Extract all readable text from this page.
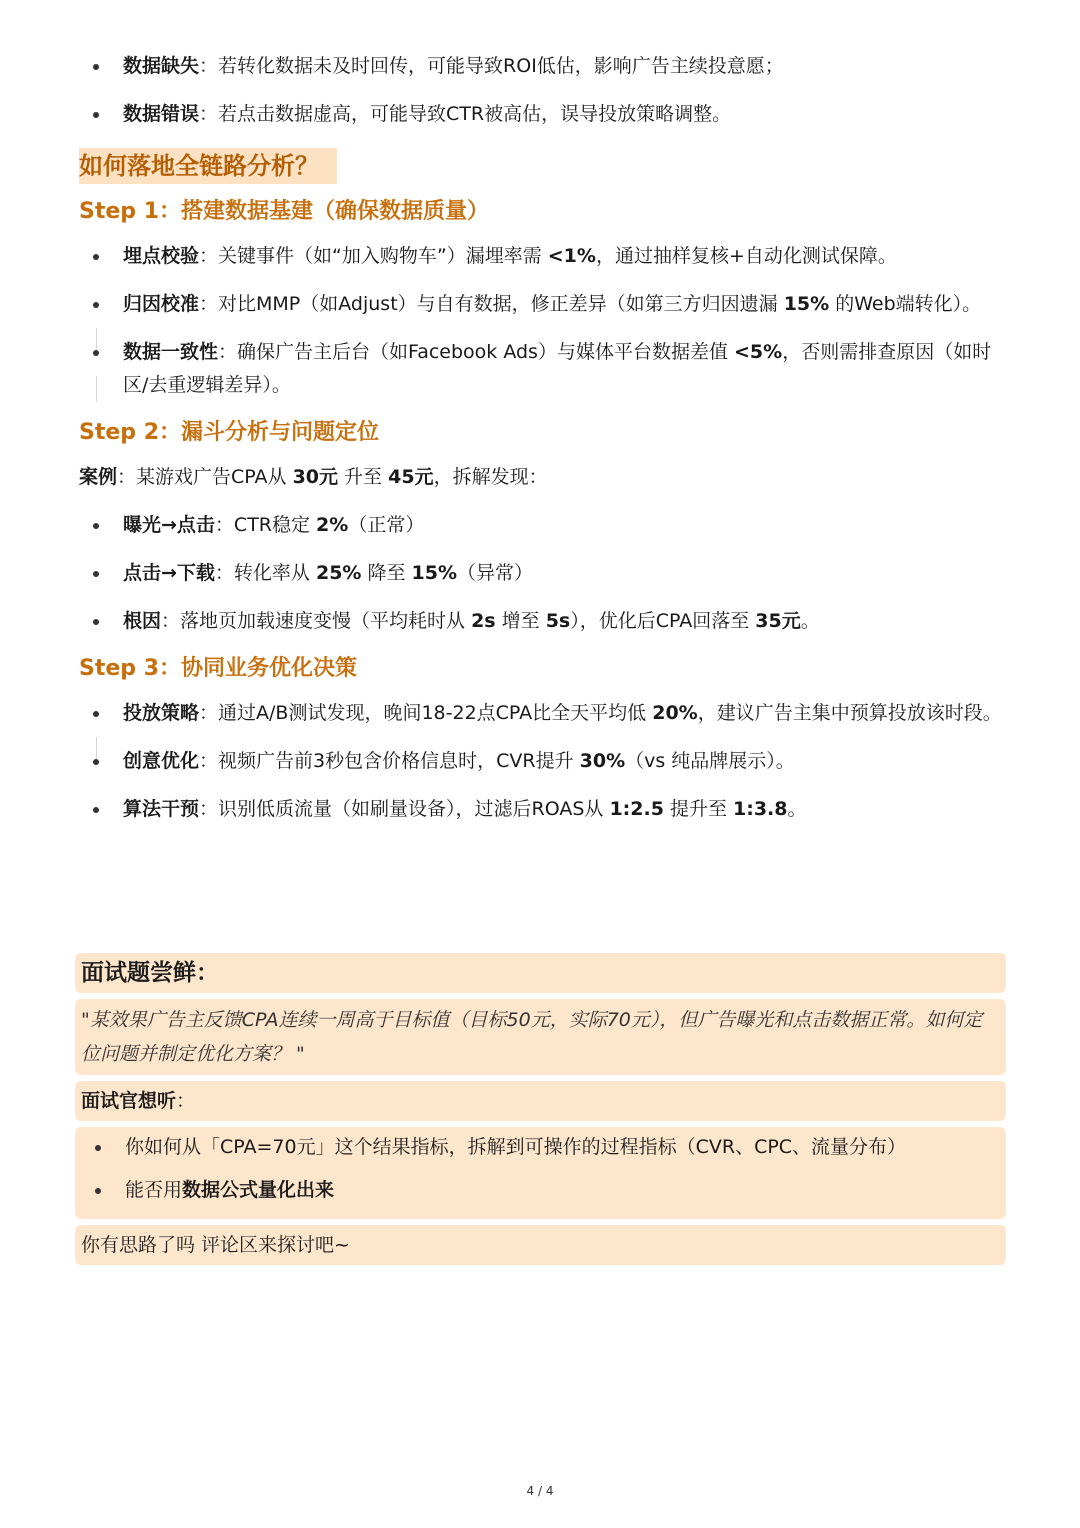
数据缺失：若转化数据未及时回传，可能导致ROI低估，影响广告主续投意愿；
数据错误：若点击数据虚高，可能导致CTR被高估，误导投放策略调整。
如何落地全链路分析？
Step 1：搭建数据基建（确保数据质量）
埋点校验：关键事件（如“加入购物车”）漏埋率需 <1%，通过抽样复核+自动化测试保障。
归因校准：对比MMP（如Adjust）与自有数据，修正差异（如第三方归因遗漏 15% 的Web端转化）。
数据一致性：确保广告主后台（如Facebook Ads）与媒体平台数据差值 <5%，否则需排查原因（如时区/去重逻辑差异）。
Step 2：漏斗分析与问题定位
案例：某游戏广告CPA从 30元 升至 45元，拆解发现：
曝光→点击：CTR稳定 2%（正常）
点击→下载：转化率从 25% 降至 15%（异常）
根因：落地页加载速度变慢（平均耗时从 2s 增至 5s），优化后CPA回落至 35元。
Step 3：协同业务优化决策
投放策略：通过A/B测试发现，晚间18-22点CPA比全天平均低 20%，建议广告主集中预算投放该时段。
创意优化：视频广告前3秒包含价格信息时，CVR提升 30%（vs 纯品牌展示）。
算法干预：识别低质流量（如刷量设备），过滤后ROAS从 1:2.5 提升至 1:3.8。
面试题尝鲜：
"某效果广告主反馈CPA连续一周高于目标值（目标50元，实际70元），但广告曝光和点击数据正常。如何定位问题并制定优化方案？ "
面试官想听：
你如何从「CPA=70元」这个结果指标，拆解到可操作的过程指标（CVR、CPC、流量分布）
能否用数据公式量化出来
你有思路了吗 评论区来探讨吧~
4 / 4
